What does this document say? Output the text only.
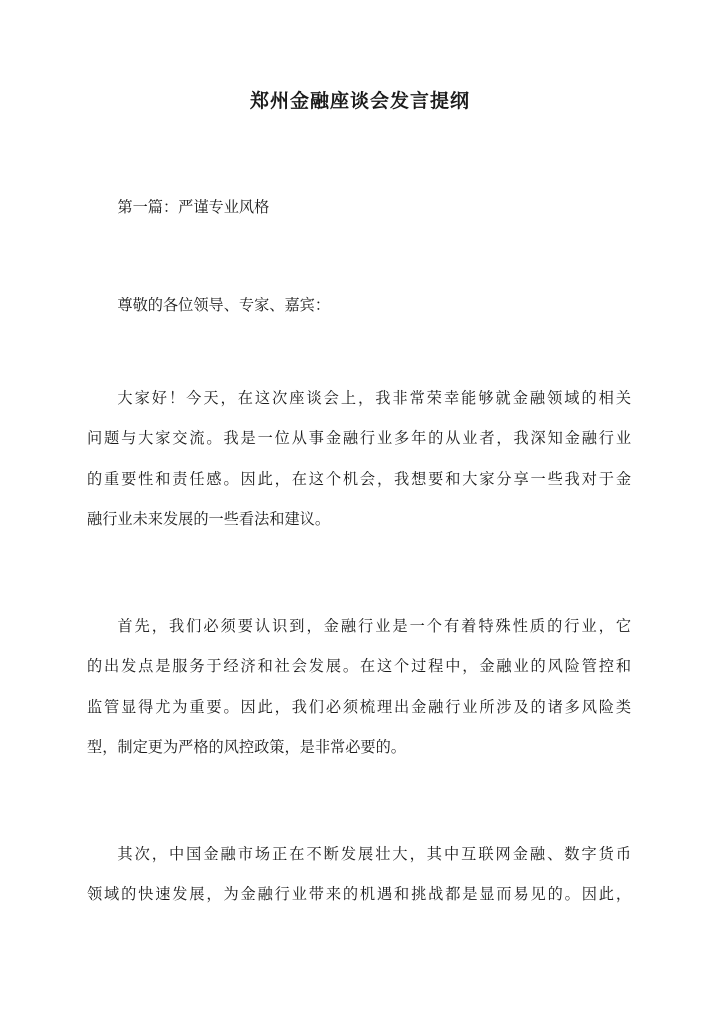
郑州金融座谈会发言提纲
第一篇：严谨专业风格
尊敬的各位领导、专家、嘉宾：
大家好！今天，在这次座谈会上，我非常荣幸能够就金融领域的相关
问题与大家交流。我是一位从事金融行业多年的从业者，我深知金融行业
的重要性和责任感。因此，在这个机会，我想要和大家分享一些我对于金
融行业未来发展的一些看法和建议。
首先，我们必须要认识到，金融行业是一个有着特殊性质的行业，它
的出发点是服务于经济和社会发展。在这个过程中，金融业的风险管控和
监管显得尤为重要。因此，我们必须梳理出金融行业所涉及的诸多风险类
型，制定更为严格的风控政策，是非常必要的。
其次，中国金融市场正在不断发展壮大，其中互联网金融、数字货币
领域的快速发展，为金融行业带来的机遇和挑战都是显而易见的。因此，
